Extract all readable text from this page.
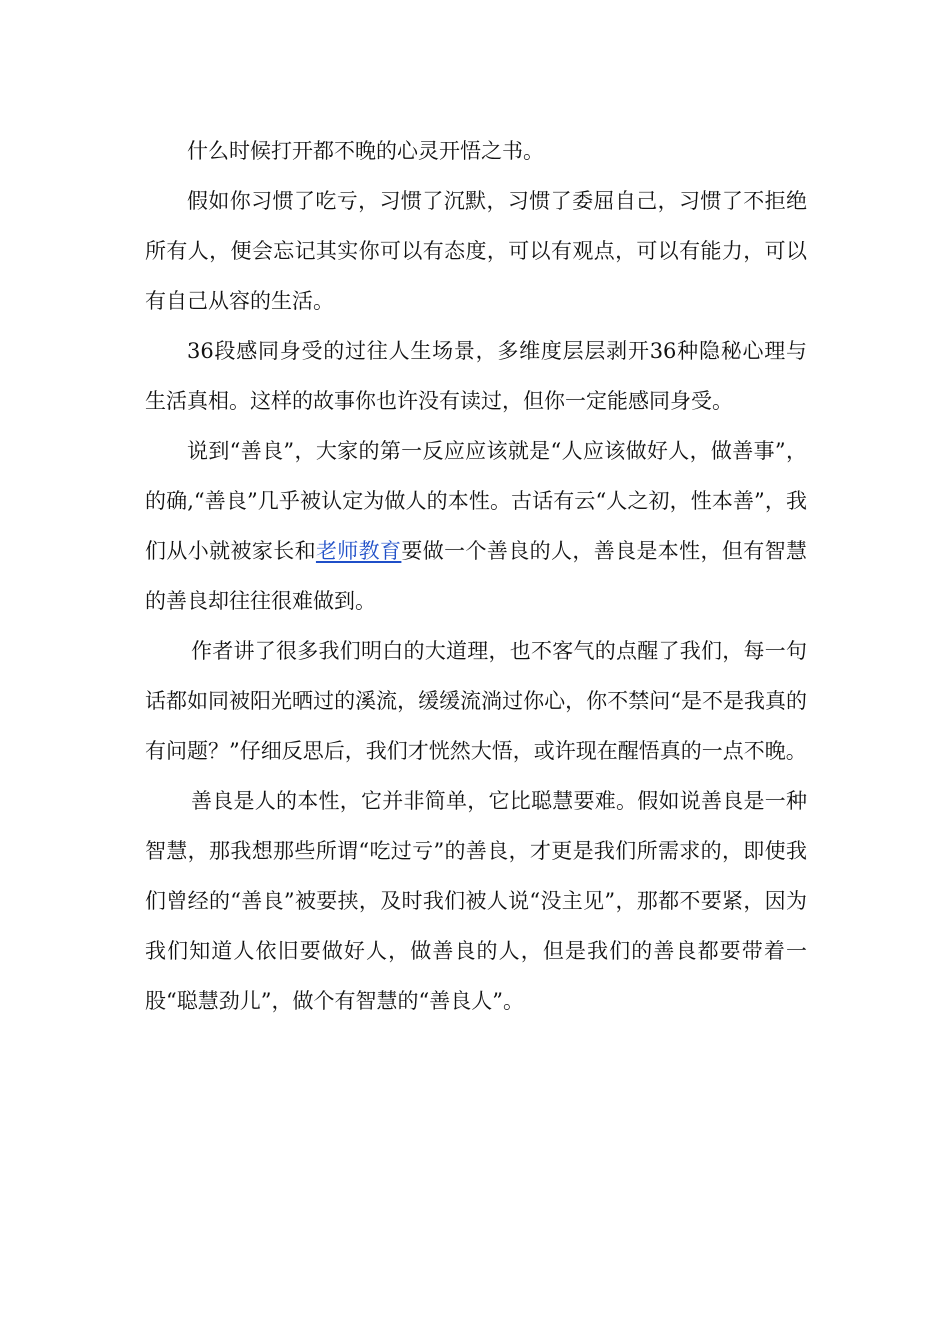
什么时候打开都不晚的心灵开悟之书。

假如你习惯了吃亏，习惯了沉默，习惯了委屈自己，习惯了不拒绝所有人，便会忘记其实你可以有态度，可以有观点，可以有能力，可以有自己从容的生活。

36段感同身受的过往人生场景，多维度层层剥开36种隐秘心理与生活真相。这样的故事你也许没有读过，但你一定能感同身受。

说到“善良”，大家的第一反应应该就是“人应该做好人，做善事”，的确,“善良”几乎被认定为做人的本性。古话有云“人之初，性本善”，我们从小就被家长和老师教育要做一个善良的人，善良是本性，但有智慧的善良却往往很难做到。

作者讲了很多我们明白的大道理，也不客气的点醒了我们，每一句话都如同被阳光晒过的溪流，缓缓流淌过你心，你不禁问“是不是我真的有问题？”仔细反思后，我们才恍然大悟，或许现在醒悟真的一点不晚。

善良是人的本性，它并非简单，它比聪慧要难。假如说善良是一种智慧，那我想那些所谓“吃过亏”的善良，才更是我们所需求的，即使我们曾经的“善良”被要挟，及时我们被人说“没主见”，那都不要紧，因为我们知道人依旧要做好人，做善良的人，但是我们的善良都要带着一股“聪慧劲儿”，做个有智慧的“善良人”。
